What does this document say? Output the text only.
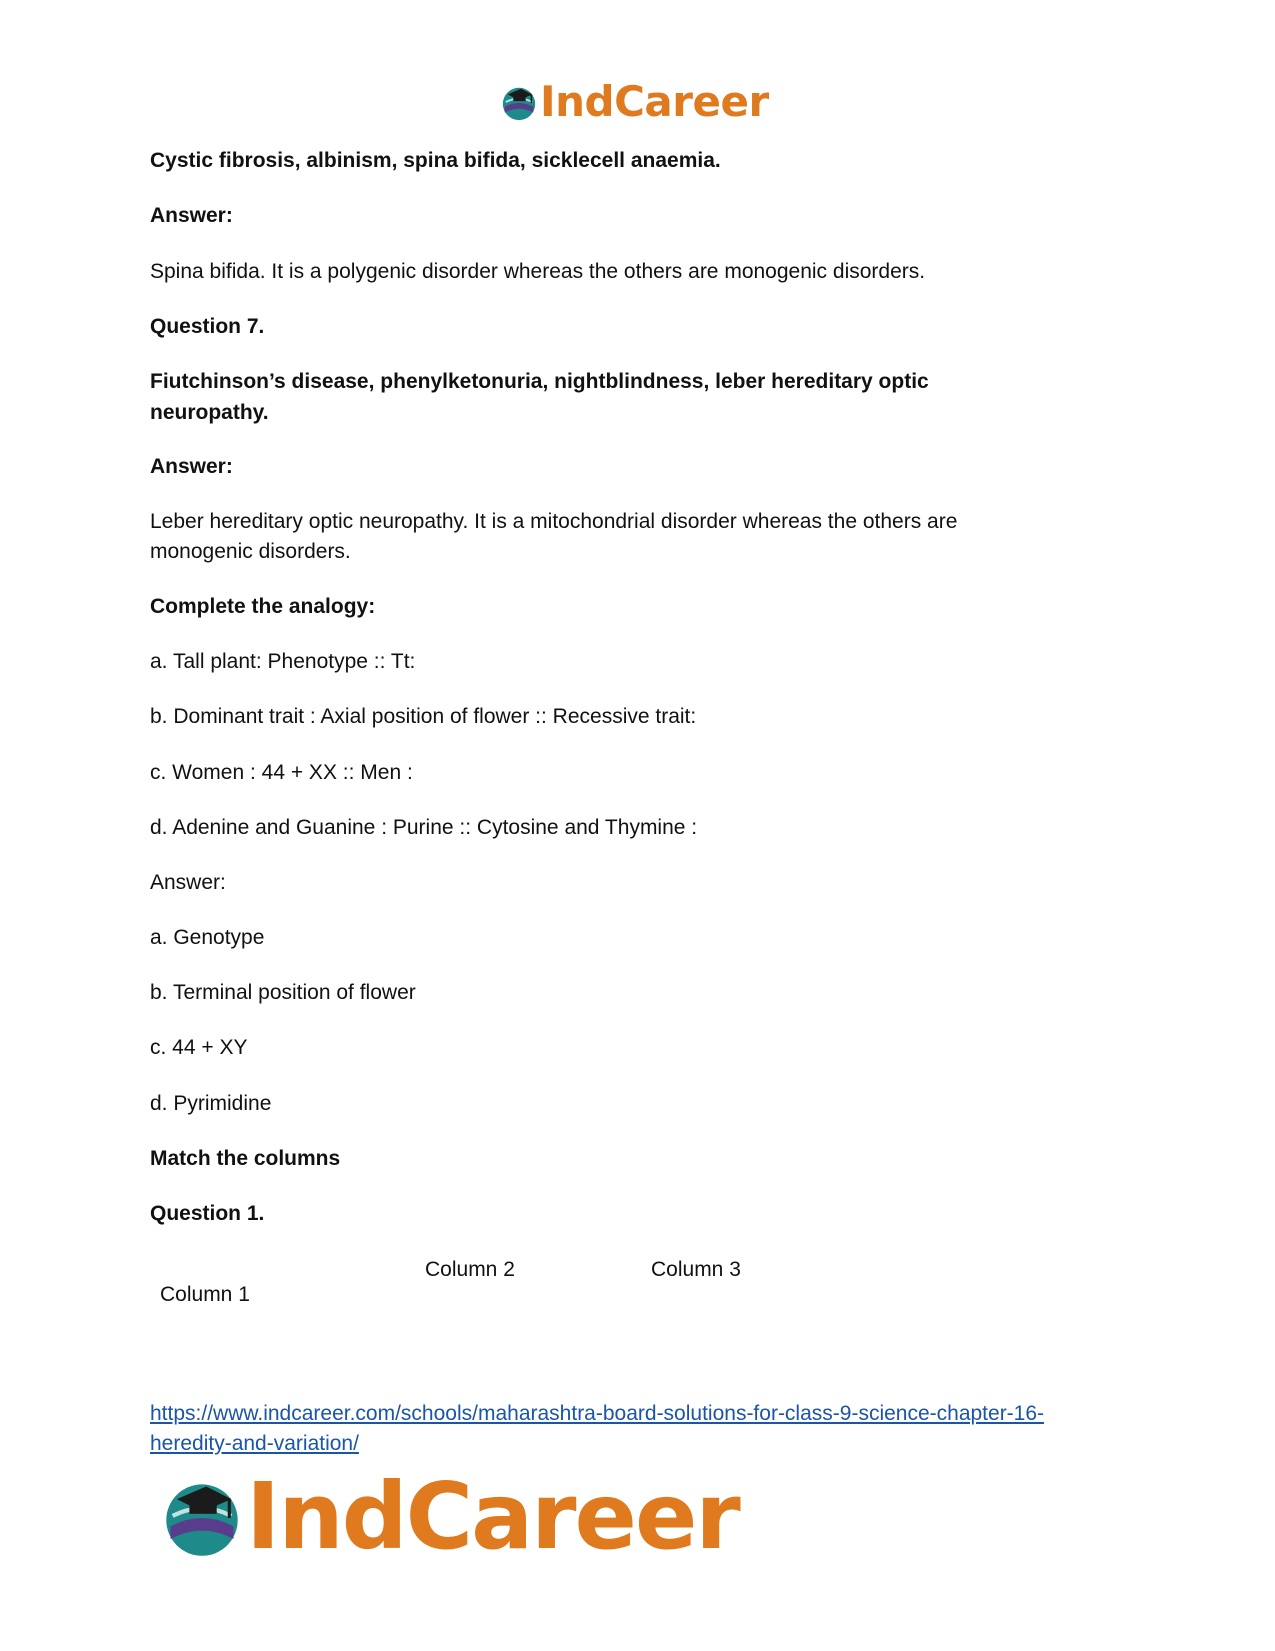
IndCareer
Cystic fibrosis, albinism, spina bifida, sicklecell anaemia.
Answer:
Spina bifida. It is a polygenic disorder whereas the others are monogenic disorders.
Question 7.
Fiutchinson’s disease, phenylketonuria, nightblindness, leber hereditary optic
neuropathy.
Answer:
Leber hereditary optic neuropathy. It is a mitochondrial disorder whereas the others are
monogenic disorders.
Complete the analogy:
a. Tall plant: Phenotype :: Tt:
b. Dominant trait : Axial position of flower :: Recessive trait:
c. Women : 44 + XX :: Men :
d. Adenine and Guanine : Purine :: Cytosine and Thymine :
Answer:
a. Genotype
b. Terminal position of flower
c. 44 + XY
d. Pyrimidine
Match the columns
Question 1.
Column 1
Column 2	Column 3
https://www.indcareer.com/schools/maharashtra-board-solutions-for-class-9-science-chapter-16-
heredity-and-variation/
IndCareer
